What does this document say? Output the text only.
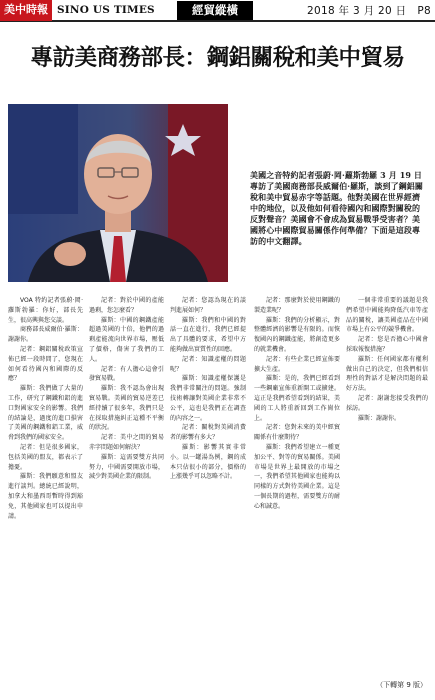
美中時報 SINO US TIMES	2018 年 3 月 20 日 P8
經貿縱橫
專訪美商務部長：鋼鋁關稅和美中貿易
美國之音特約記者張蔚·岡·蘿斯勃羅 3 月 19 日專訪了美國商務部長威爾伯·羅斯，談到了鋼鋁關稅和美中貿易赤字等話題。他對美國在世界經濟中的地位，以及他如何看待國內和國際對關稅的反對聲音？美國會不會成為貿易戰爭受害者？美國將心中國際貿易關係作何準備？下面是這段專訪的中文翻譯。

VOA 特約記者張蔚·岡·蘿斯勃羅：你好，部長先生，很高興與您交談。

商務部長威爾伯·羅斯：謝謝你。

記者：鋼鋁關稅政策宣佈已經一段時間了，您現在如何看待國內和國際的反應？

羅斯：我們做了大量的工作，研究了鋼鐵和鋁的進口對國家安全的影響。我們的結論是，過度的進口損害了美國的鋼鐵和鋁工業，威脅到我們的國家安全。

記者：但是很多國家，包括美國的盟友，都表示了擔憂。

羅斯：我們願意和盟友進行談判。總統已經說明，加拿大和墨西哥暫時得到豁免，其他國家也可以提出申請。

記者：對於中國的產能過剩，您怎麼看？

羅斯：中國的鋼鐵產能超過美國的十倍，他們的過剩產能流向世界市場，壓低了價格，傷害了我們的工人。

記者：有人擔心這會引發貿易戰。

羅斯：我不認為會出現貿易戰。美國的貿易逆差已經持續了很多年，我們只是在採取措施糾正這種不平衡的狀況。

記者：美中之間的貿易赤字問題如何解決？

羅斯：這需要雙方共同努力，中國需要開放市場，減少對美國企業的限制。

記者：您認為現在的談判進展如何？

羅斯：我們和中國的對話一直在進行，我們已經提出了具體的要求，希望中方能夠做出實質性的回應。

記者：知識產權的問題呢？

羅斯：知識產權保護是我們非常關注的問題。強制技術轉讓對美國企業非常不公平，這也是我們正在調查的內容之一。

記者：關稅對美國消費者的影響有多大？

羅斯：影響其實非常小。以一罐湯為例，鋼的成本只佔很小的部分，價格的上漲幾乎可以忽略不計。

記者：那麼對於使用鋼鐵的製造業呢？

羅斯：我們的分析顯示，對整體經濟的影響是有限的。而恢復國內的鋼鐵產能，將創造更多的就業機會。

記者：有些企業已經宣佈要擴大生產。

羅斯：是的，我們已經看到一些鋼廠宣佈重新開工或擴建。這正是我們希望看到的結果，美國的工人將重新回到工作崗位上。

記者：您對未來的美中經貿關係有什麼期待？

羅斯：我們希望建立一種更加公平、對等的貿易關係。美國市場是世界上最開放的市場之一，我們希望其他國家也能夠以同樣的方式對待美國企業。這是一個長期的過程，需要雙方的耐心和誠意。

一個非常重要的議題是我們希望中國能夠降低汽車等產品的關稅，讓美國產品在中國市場上有公平的競爭機會。

記者：您是否擔心中國會採取報復措施？

羅斯：任何國家都有權利做出自己的決定，但我們相信理性的對話才是解決問題的最好方法。

記者：謝謝您接受我們的採訪。

羅斯：謝謝你。

（下轉第 9 版）
